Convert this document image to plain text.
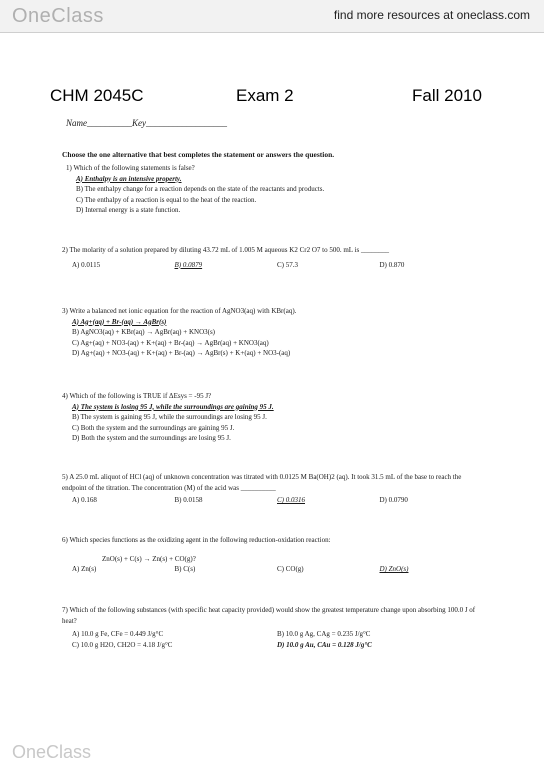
OneClass	find more resources at oneclass.com
CHM 2045C	Exam 2	Fall 2010
Name__________Key__________________
Choose the one alternative that best completes the statement or answers the question.
1) Which of the following statements is false?
A) Enthalpy is an intensive property.
B) The enthalpy change for a reaction depends on the state of the reactants and products.
C) The enthalpy of a reaction is equal to the heat of the reaction.
D) Internal energy is a state function.
2) The molarity of a solution prepared by diluting 43.72 mL of 1.005 M aqueous K2 Cr2 O7 to 500. mL is ________
A) 0.0115	B) 0.0879	C) 57.3	D) 0.870
3) Write a balanced net ionic equation for the reaction of AgNO3(aq) with KBr(aq).
A) Ag+(aq) + Br-(aq) → AgBr(s)
B) AgNO3(aq) + KBr(aq) → AgBr(aq) + KNO3(s)
C) Ag+(aq) + NO3-(aq) + K+(aq) + Br-(aq) → AgBr(aq) + KNO3(aq)
D) Ag+(aq) + NO3-(aq) + K+(aq) + Br-(aq) → AgBr(s) + K+(aq) + NO3-(aq)
4) Which of the following is TRUE if ΔEsys = -95 J?
A) The system is losing 95 J, while the surroundings are gaining 95 J.
B) The system is gaining 95 J, while the surroundings are losing 95 J.
C) Both the system and the surroundings are gaining 95 J.
D) Both the system and the surroundings are losing 95 J.
5) A 25.0 mL aliquot of HCl (aq) of unknown concentration was titrated with 0.0125 M Ba(OH)2 (aq). It took 31.5 mL of the base to reach the endpoint of the titration. The concentration (M) of the acid was __________
A) 0.168	B) 0.0158	C) 0.0316	D) 0.0790
6) Which species functions as the oxidizing agent in the following reduction-oxidation reaction:
ZnO(s) + C(s) → Zn(s) + CO(g)?
A) Zn(s)	B) C(s)	C) CO(g)	D) ZnO(s)
7) Which of the following substances (with specific heat capacity provided) would show the greatest temperature change upon absorbing 100.0 J of heat?
A) 10.0 g Fe, CFe = 0.449 J/g°C	B) 10.0 g Ag, CAg = 0.235 J/g°C
C) 10.0 g H2O, CH2O = 4.18 J/g°C	D) 10.0 g Au, CAu = 0.128 J/g°C
OneClass
